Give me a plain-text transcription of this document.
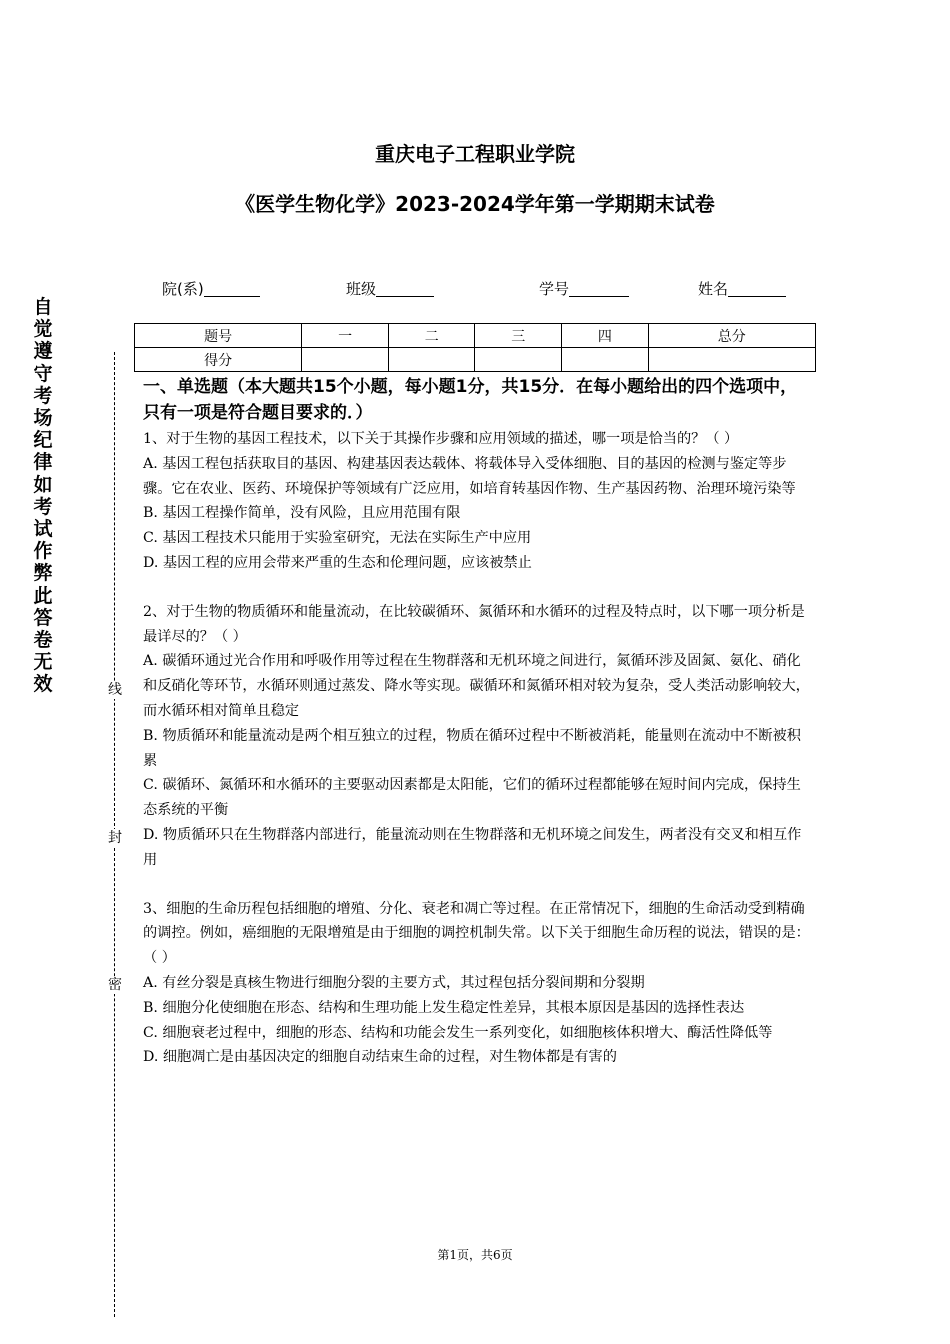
自觉遵守考场纪律如考试作弊此答卷无效	线
封
密
重庆电子工程职业学院
《医学生物化学》2023-2024学年第一学期期末试卷
院(系)	班级	学号	姓名
题号	一	二	三	四	总分
得分					
一、单选题（本大题共15个小题，每小题1分，共15分．在每小题给出的四个选项中，只有一项是符合题目要求的．）

1、对于生物的基因工程技术，以下关于其操作步骤和应用领域的描述，哪一项是恰当的？（ ）

A. 基因工程包括获取目的基因、构建基因表达载体、将载体导入受体细胞、目的基因的检测与鉴定等步骤。它在农业、医药、环境保护等领域有广泛应用，如培育转基因作物、生产基因药物、治理环境污染等

B. 基因工程操作简单，没有风险，且应用范围有限

C. 基因工程技术只能用于实验室研究，无法在实际生产中应用

D. 基因工程的应用会带来严重的生态和伦理问题，应该被禁止

2、对于生物的物质循环和能量流动，在比较碳循环、氮循环和水循环的过程及特点时，以下哪一项分析是最详尽的？（ ）

A. 碳循环通过光合作用和呼吸作用等过程在生物群落和无机环境之间进行，氮循环涉及固氮、氨化、硝化和反硝化等环节，水循环则通过蒸发、降水等实现。碳循环和氮循环相对较为复杂，受人类活动影响较大，而水循环相对简单且稳定

B. 物质循环和能量流动是两个相互独立的过程，物质在循环过程中不断被消耗，能量则在流动中不断被积累

C. 碳循环、氮循环和水循环的主要驱动因素都是太阳能，它们的循环过程都能够在短时间内完成，保持生态系统的平衡

D. 物质循环只在生物群落内部进行，能量流动则在生物群落和无机环境之间发生，两者没有交叉和相互作用

3、细胞的生命历程包括细胞的增殖、分化、衰老和凋亡等过程。在正常情况下，细胞的生命活动受到精确的调控。例如，癌细胞的无限增殖是由于细胞的调控机制失常。以下关于细胞生命历程的说法，错误的是：（ ）

A. 有丝分裂是真核生物进行细胞分裂的主要方式，其过程包括分裂间期和分裂期

B. 细胞分化使细胞在形态、结构和生理功能上发生稳定性差异，其根本原因是基因的选择性表达

C. 细胞衰老过程中，细胞的形态、结构和功能会发生一系列变化，如细胞核体积增大、酶活性降低等

D. 细胞凋亡是由基因决定的细胞自动结束生命的过程，对生物体都是有害的

第1页，共6页
